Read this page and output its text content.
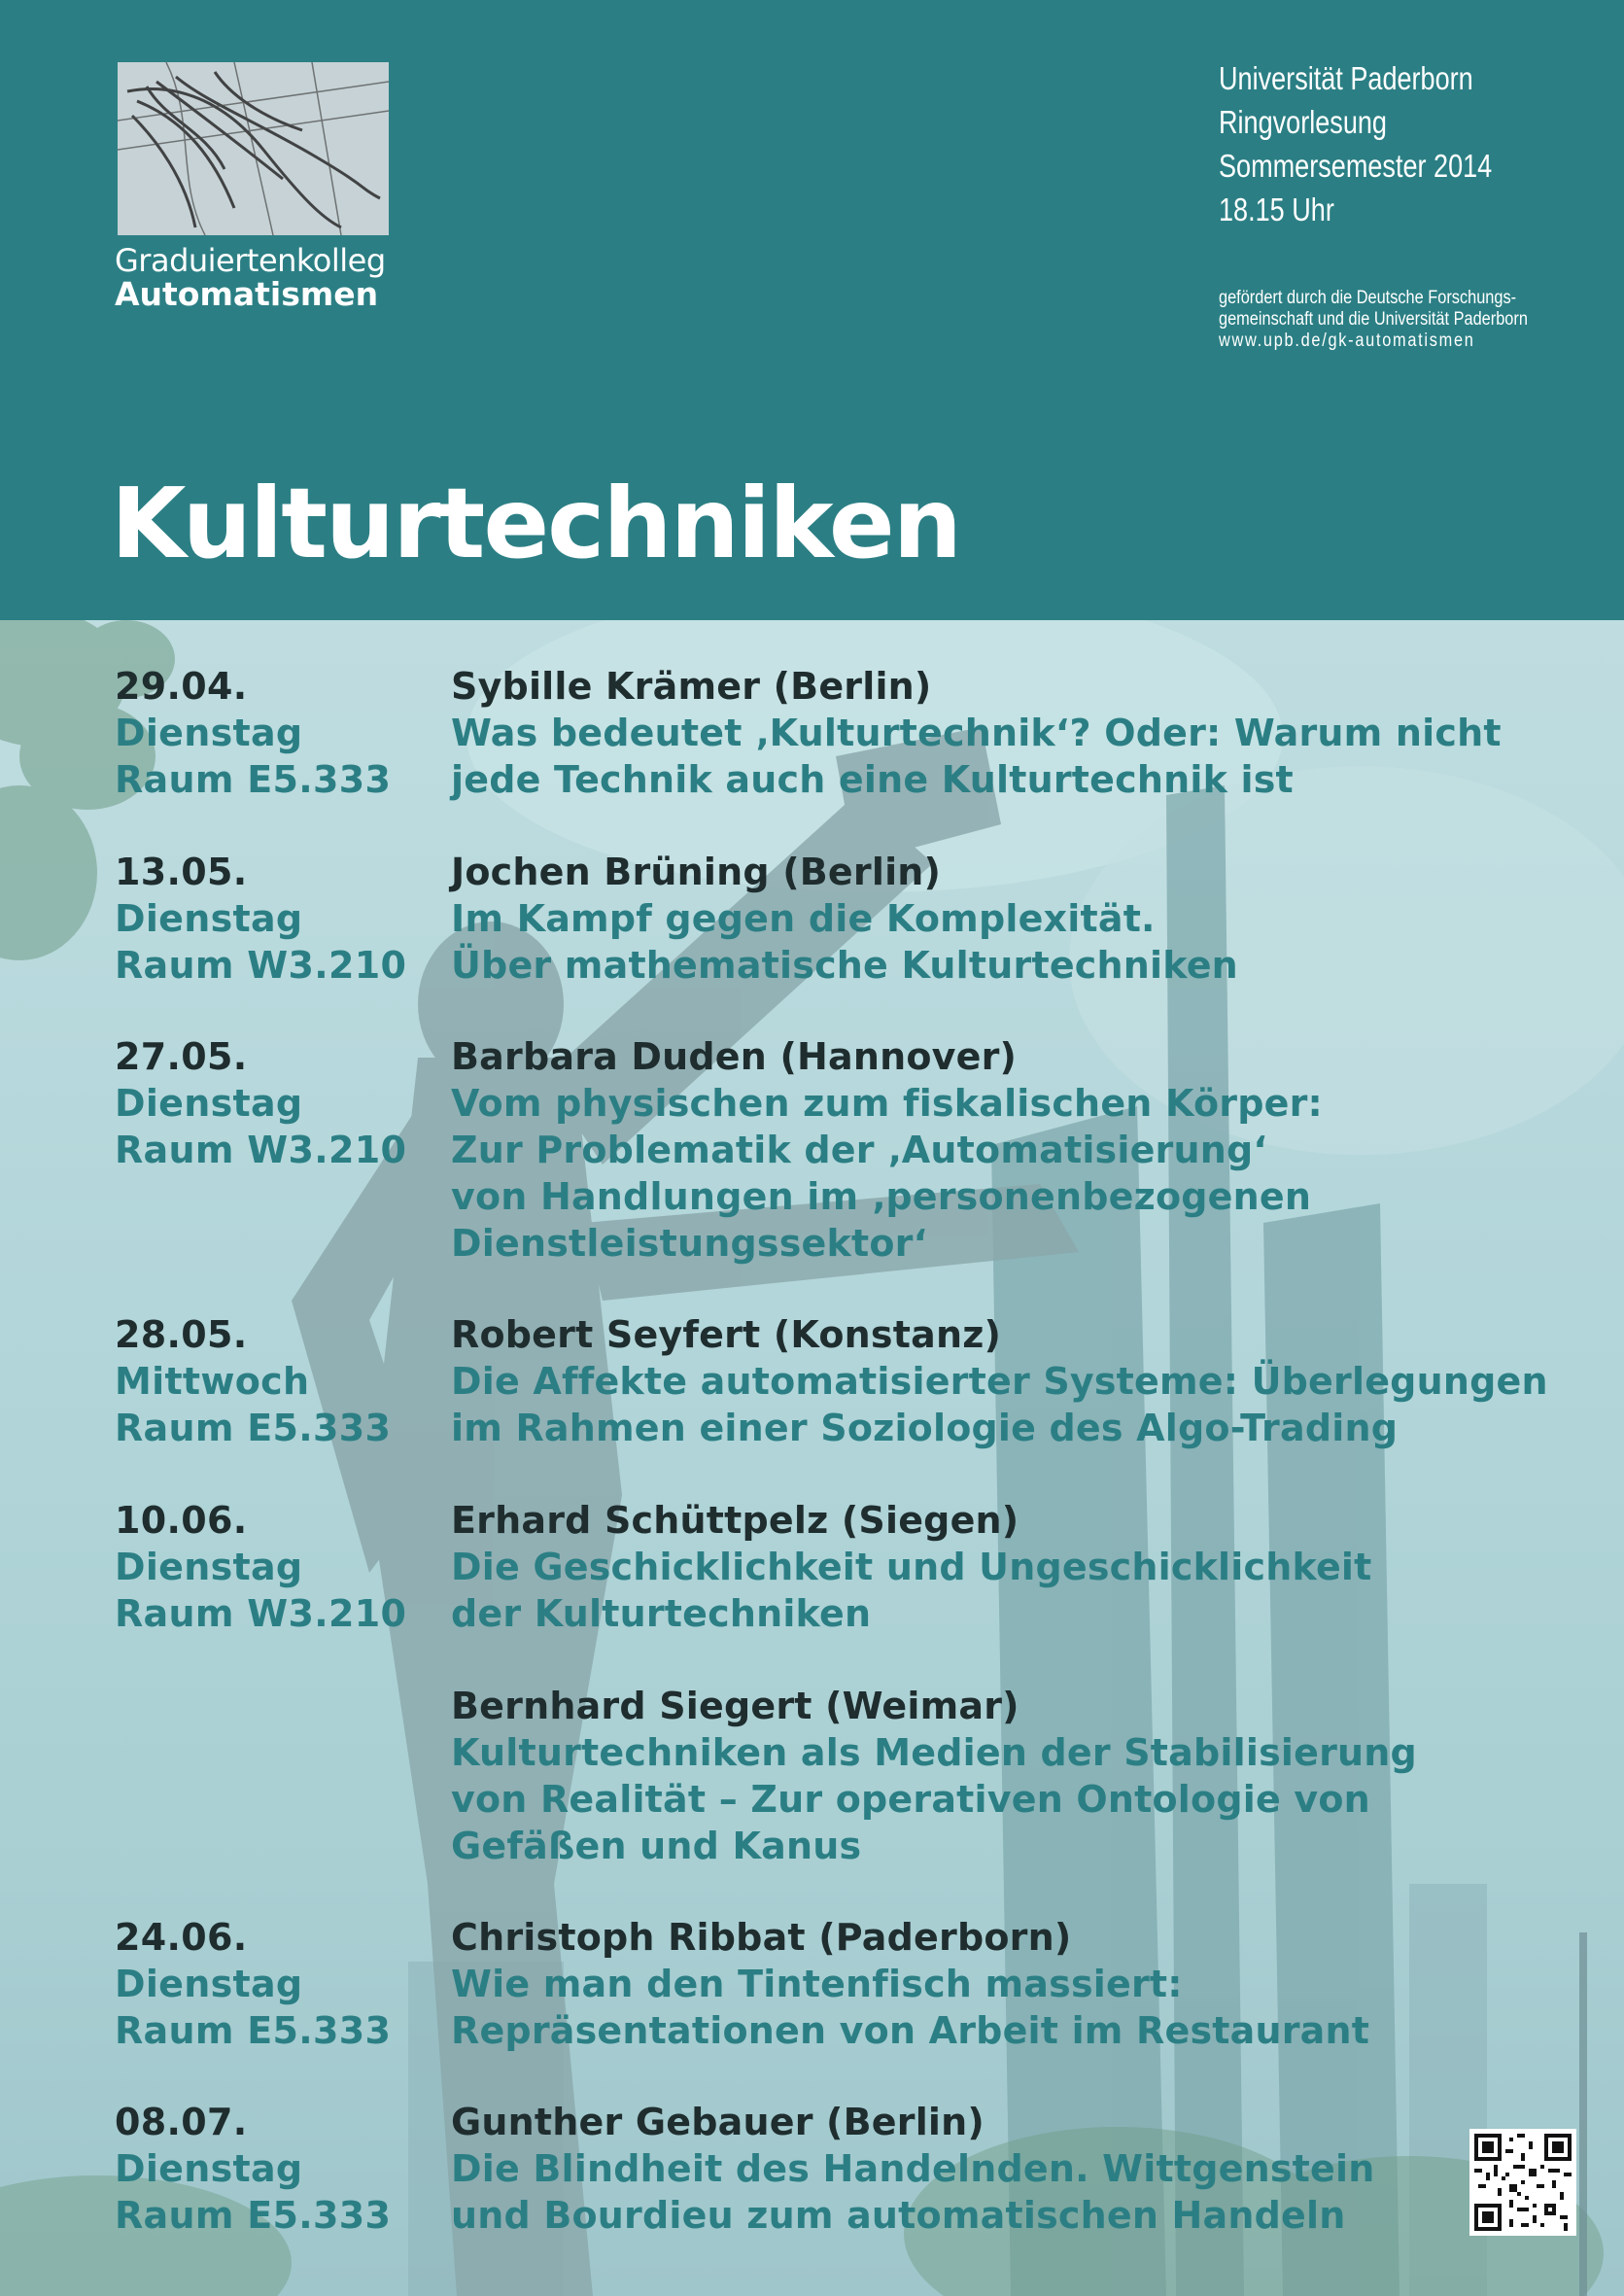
Graduiertenkolleg
Automatismen
Universität Paderborn
Ringvorlesung
Sommersemester 2014
18.15 Uhr
gefördert durch die Deutsche Forschungs-
gemeinschaft und die Universität Paderborn
www.upb.de/gk-automatismen
Kulturtechniken
29.04.
Dienstag
Raum E5.333
Sybille Krämer (Berlin)
Was bedeutet ‚Kulturtechnik‘? Oder: Warum nicht
jede Technik auch eine Kulturtechnik ist
13.05.
Dienstag
Raum W3.210
Jochen Brüning (Berlin)
Im Kampf gegen die Komplexität.
Über mathematische Kulturtechniken
27.05.
Dienstag
Raum W3.210
Barbara Duden (Hannover)
Vom physischen zum fiskalischen Körper:
Zur Problematik der ‚Automatisierung‘
von Handlungen im ‚personenbezogenen
Dienstleistungssektor‘
28.05.
Mittwoch
Raum E5.333
Robert Seyfert (Konstanz)
Die Affekte automatisierter Systeme: Überlegungen
im Rahmen einer Soziologie des Algo-Trading
10.06.
Dienstag
Raum W3.210
Erhard Schüttpelz (Siegen)
Die Geschicklichkeit und Ungeschicklichkeit
der Kulturtechniken
Bernhard Siegert (Weimar)
Kulturtechniken als Medien der Stabilisierung
von Realität – Zur operativen Ontologie von
Gefäßen und Kanus
24.06.
Dienstag
Raum E5.333
Christoph Ribbat (Paderborn)
Wie man den Tintenfisch massiert:
Repräsentationen von Arbeit im Restaurant
08.07.
Dienstag
Raum E5.333
Gunther Gebauer (Berlin)
Die Blindheit des Handelnden. Wittgenstein
und Bourdieu zum automatischen Handeln
